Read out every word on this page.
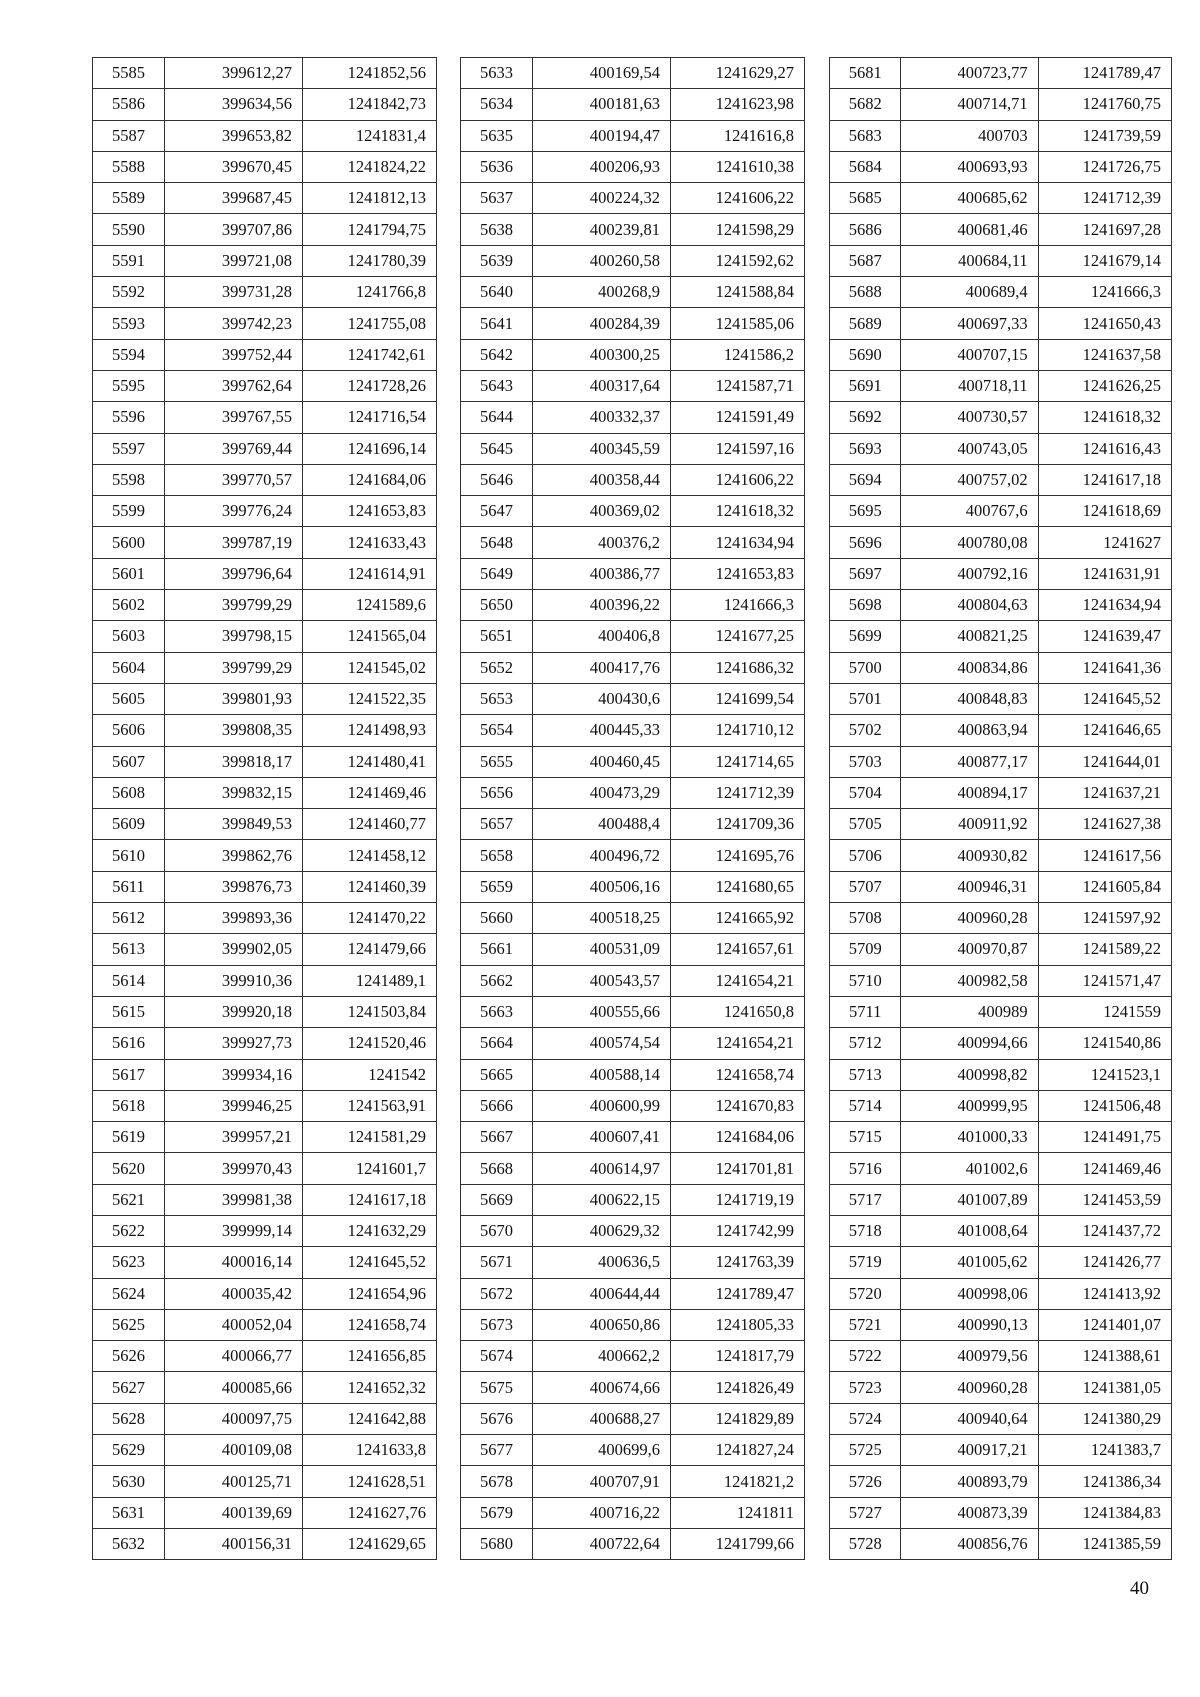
5585	399612,27	1241852,56
5586	399634,56	1241842,73
5587	399653,82	1241831,4
5588	399670,45	1241824,22
5589	399687,45	1241812,13
5590	399707,86	1241794,75
5591	399721,08	1241780,39
5592	399731,28	1241766,8
5593	399742,23	1241755,08
5594	399752,44	1241742,61
5595	399762,64	1241728,26
5596	399767,55	1241716,54
5597	399769,44	1241696,14
5598	399770,57	1241684,06
5599	399776,24	1241653,83
5600	399787,19	1241633,43
5601	399796,64	1241614,91
5602	399799,29	1241589,6
5603	399798,15	1241565,04
5604	399799,29	1241545,02
5605	399801,93	1241522,35
5606	399808,35	1241498,93
5607	399818,17	1241480,41
5608	399832,15	1241469,46
5609	399849,53	1241460,77
5610	399862,76	1241458,12
5611	399876,73	1241460,39
5612	399893,36	1241470,22
5613	399902,05	1241479,66
5614	399910,36	1241489,1
5615	399920,18	1241503,84
5616	399927,73	1241520,46
5617	399934,16	1241542
5618	399946,25	1241563,91
5619	399957,21	1241581,29
5620	399970,43	1241601,7
5621	399981,38	1241617,18
5622	399999,14	1241632,29
5623	400016,14	1241645,52
5624	400035,42	1241654,96
5625	400052,04	1241658,74
5626	400066,77	1241656,85
5627	400085,66	1241652,32
5628	400097,75	1241642,88
5629	400109,08	1241633,8
5630	400125,71	1241628,51
5631	400139,69	1241627,76
5632	400156,31	1241629,65
5633	400169,54	1241629,27
5634	400181,63	1241623,98
5635	400194,47	1241616,8
5636	400206,93	1241610,38
5637	400224,32	1241606,22
5638	400239,81	1241598,29
5639	400260,58	1241592,62
5640	400268,9	1241588,84
5641	400284,39	1241585,06
5642	400300,25	1241586,2
5643	400317,64	1241587,71
5644	400332,37	1241591,49
5645	400345,59	1241597,16
5646	400358,44	1241606,22
5647	400369,02	1241618,32
5648	400376,2	1241634,94
5649	400386,77	1241653,83
5650	400396,22	1241666,3
5651	400406,8	1241677,25
5652	400417,76	1241686,32
5653	400430,6	1241699,54
5654	400445,33	1241710,12
5655	400460,45	1241714,65
5656	400473,29	1241712,39
5657	400488,4	1241709,36
5658	400496,72	1241695,76
5659	400506,16	1241680,65
5660	400518,25	1241665,92
5661	400531,09	1241657,61
5662	400543,57	1241654,21
5663	400555,66	1241650,8
5664	400574,54	1241654,21
5665	400588,14	1241658,74
5666	400600,99	1241670,83
5667	400607,41	1241684,06
5668	400614,97	1241701,81
5669	400622,15	1241719,19
5670	400629,32	1241742,99
5671	400636,5	1241763,39
5672	400644,44	1241789,47
5673	400650,86	1241805,33
5674	400662,2	1241817,79
5675	400674,66	1241826,49
5676	400688,27	1241829,89
5677	400699,6	1241827,24
5678	400707,91	1241821,2
5679	400716,22	1241811
5680	400722,64	1241799,66
5681	400723,77	1241789,47
5682	400714,71	1241760,75
5683	400703	1241739,59
5684	400693,93	1241726,75
5685	400685,62	1241712,39
5686	400681,46	1241697,28
5687	400684,11	1241679,14
5688	400689,4	1241666,3
5689	400697,33	1241650,43
5690	400707,15	1241637,58
5691	400718,11	1241626,25
5692	400730,57	1241618,32
5693	400743,05	1241616,43
5694	400757,02	1241617,18
5695	400767,6	1241618,69
5696	400780,08	1241627
5697	400792,16	1241631,91
5698	400804,63	1241634,94
5699	400821,25	1241639,47
5700	400834,86	1241641,36
5701	400848,83	1241645,52
5702	400863,94	1241646,65
5703	400877,17	1241644,01
5704	400894,17	1241637,21
5705	400911,92	1241627,38
5706	400930,82	1241617,56
5707	400946,31	1241605,84
5708	400960,28	1241597,92
5709	400970,87	1241589,22
5710	400982,58	1241571,47
5711	400989	1241559
5712	400994,66	1241540,86
5713	400998,82	1241523,1
5714	400999,95	1241506,48
5715	401000,33	1241491,75
5716	401002,6	1241469,46
5717	401007,89	1241453,59
5718	401008,64	1241437,72
5719	401005,62	1241426,77
5720	400998,06	1241413,92
5721	400990,13	1241401,07
5722	400979,56	1241388,61
5723	400960,28	1241381,05
5724	400940,64	1241380,29
5725	400917,21	1241383,7
5726	400893,79	1241386,34
5727	400873,39	1241384,83
5728	400856,76	1241385,59
40
